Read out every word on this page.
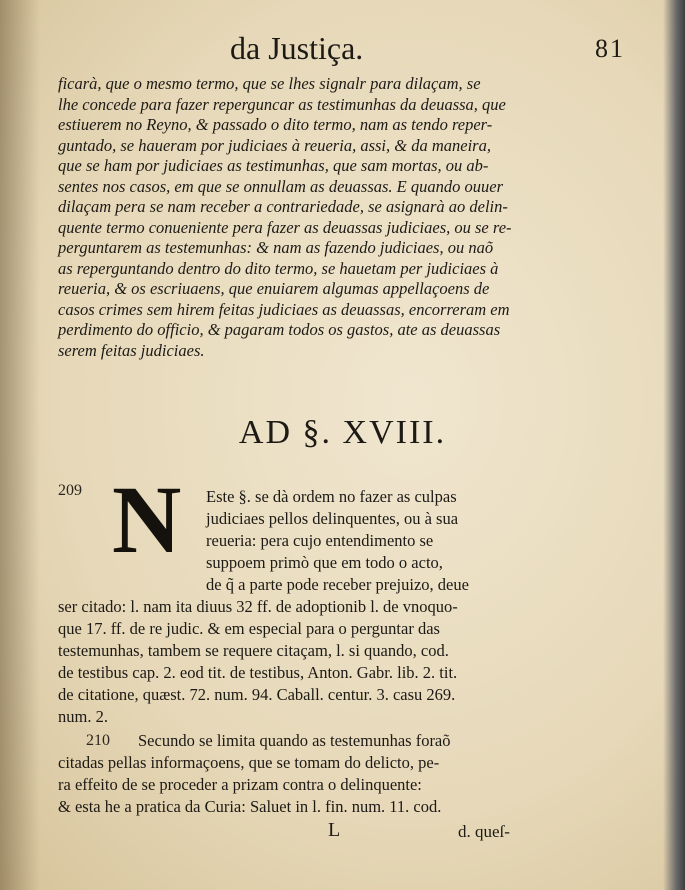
da Justiça.	81
ficarà, que o mesmo termo, que se lhes signalr para dilaçam, se
lhe concede para fazer reperguncar as testimunhas da deuassa, que
estiuerem no Reyno, & passado o dito termo, nam as tendo reper-
guntado, se haueram por judiciaes à reueria, assi, & da maneira,
que se ham por judiciaes as testimunhas, que sam mortas, ou ab-
sentes nos casos, em que se onnullam as deuassas. E quando ouuer
dilaçam pera se nam receber a contrariedade, se asignarà ao delin-
quente termo conueniente pera fazer as deuassas judiciaes, ou se re-
perguntarem as testemunhas: & nam as fazendo judiciaes, ou naõ
as reperguntando dentro do dito termo, se hauetam per judiciaes à
reueria, & os escriuaens, que enuiarem algumas appellaçoens de
casos crimes sem hirem feitas judiciaes as deuassas, encorreram em
perdimento do officio, & pagaram todos os gastos, ate as deuassas
serem feitas judiciaes.
AD §. XVIII.
209 N Este §. se dà ordem no fazer as culpas
judiciaes pellos delinquentes, ou à sua
reueria: pera cujo entendimento se
suppoem primò que em todo o acto,
de q̃ a parte pode receber prejuizo, deue
ser citado: l. nam ita diuus 32 ff. de adoptionib l. de vnoquo-
que 17. ff. de re judic. & em especial para o perguntar das
testemunhas, tambem se requere citaçam, l. si quando, cod.
de testibus cap. 2. eod tit. de testibus, Anton. Gabr. lib. 2. tit.
de citatione, quæst. 72. num. 94. Caball. centur. 3. casu 269.
num. 2.
210	Secundo se limita quando as testemunhas foraõ
citadas pellas informaçoens, que se tomam do delicto, pe-
ra effeito de se proceder a prizam contra o delinquente:
& esta he a pratica da Curia: Saluet in l. fin. num. 11. cod.
L	d. queſ-
